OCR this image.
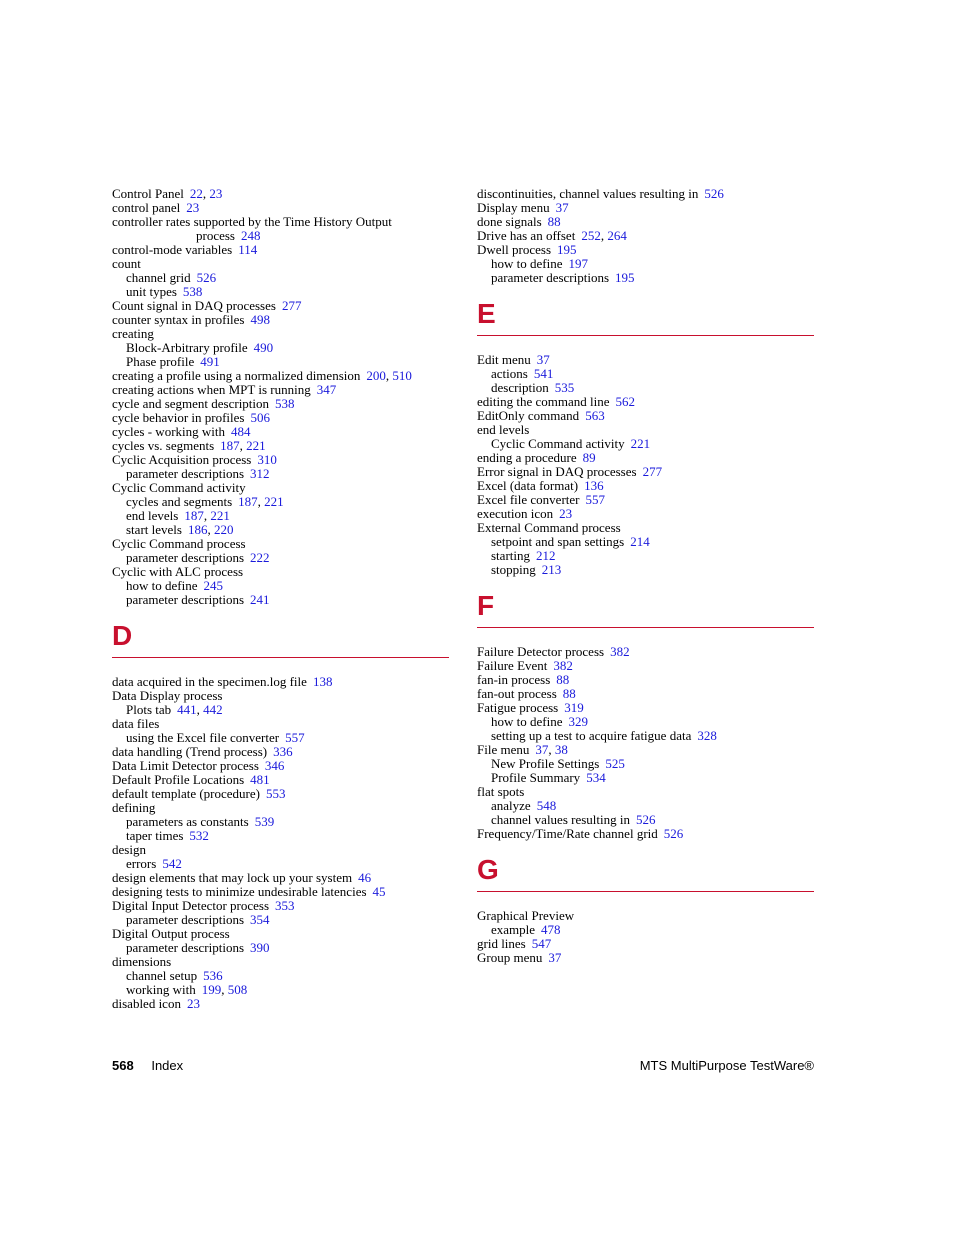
Control Panel 22, 23
control panel 23
controller rates supported by the Time History Output
process 248
control-mode variables 114
count
channel grid 526
unit types 538
Count signal in DAQ processes 277
counter syntax in profiles 498
creating
Block-Arbitrary profile 490
Phase profile 491
creating a profile using a normalized dimension 200, 510
creating actions when MPT is running 347
cycle and segment description 538
cycle behavior in profiles 506
cycles - working with 484
cycles vs. segments 187, 221
Cyclic Acquisition process 310
parameter descriptions 312
Cyclic Command activity
cycles and segments 187, 221
end levels 187, 221
start levels 186, 220
Cyclic Command process
parameter descriptions 222
Cyclic with ALC process
how to define 245
parameter descriptions 241
D
data acquired in the specimen.log file 138
Data Display process
Plots tab 441, 442
data files
using the Excel file converter 557
data handling (Trend process) 336
Data Limit Detector process 346
Default Profile Locations 481
default template (procedure) 553
defining
parameters as constants 539
taper times 532
design
errors 542
design elements that may lock up your system 46
designing tests to minimize undesirable latencies 45
Digital Input Detector process 353
parameter descriptions 354
Digital Output process
parameter descriptions 390
dimensions
channel setup 536
working with 199, 508
disabled icon 23
discontinuities, channel values resulting in 526
Display menu 37
done signals 88
Drive has an offset 252, 264
Dwell process 195
how to define 197
parameter descriptions 195
E
Edit menu 37
actions 541
description 535
editing the command line 562
EditOnly command 563
end levels
Cyclic Command activity 221
ending a procedure 89
Error signal in DAQ processes 277
Excel (data format) 136
Excel file converter 557
execution icon 23
External Command process
setpoint and span settings 214
starting 212
stopping 213
F
Failure Detector process 382
Failure Event 382
fan-in process 88
fan-out process 88
Fatigue process 319
how to define 329
setting up a test to acquire fatigue data 328
File menu 37, 38
New Profile Settings 525
Profile Summary 534
flat spots
analyze 548
channel values resulting in 526
Frequency/Time/Rate channel grid 526
G
Graphical Preview
example 478
grid lines 547
Group menu 37
568 Index	MTS MultiPurpose TestWare®
